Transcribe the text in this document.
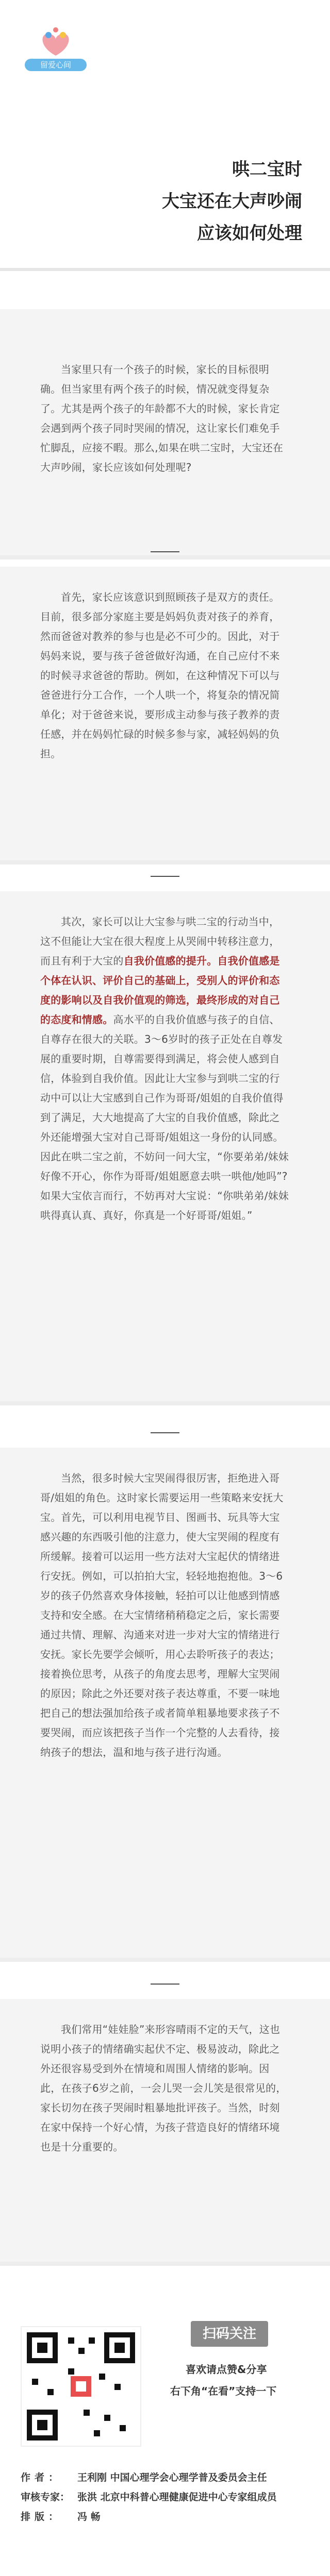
留爱心间
哄二宝时
大宝还在大声吵闹
应该如何处理

当家里只有一个孩子的时候，家长的目标很明确。但当家里有两个孩子的时候，情况就变得复杂了。尤其是两个孩子的年龄都不大的时候，家长肯定会遇到两个孩子同时哭闹的情况，这让家长们难免手忙脚乱，应接不暇。那么,如果在哄二宝时，大宝还在大声吵闹，家长应该如何处理呢?

首先，家长应该意识到照顾孩子是双方的责任。目前，很多部分家庭主要是妈妈负责对孩子的养育，然而爸爸对教养的参与也是必不可少的。因此，对于妈妈来说，要与孩子爸爸做好沟通，在自己应付不来的时候寻求爸爸的帮助。例如，在这种情况下可以与爸爸进行分工合作，一个人哄一个，将复杂的情况简单化；对于爸爸来说，要形成主动参与孩子教养的责任感，并在妈妈忙碌的时候多参与家，减轻妈妈的负担。

其次，家长可以让大宝参与哄二宝的行动当中，这不但能让大宝在很大程度上从哭闹中转移注意力，而且有利于大宝的自我价值感的提升。自我价值感是个体在认识、评价自己的基础上，受别人的评价和态度的影响以及自我价值观的筛选，最终形成的对自己的态度和情感。高水平的自我价值感与孩子的自信、自尊存在很大的关联。3～6岁时的孩子正处在自尊发展的重要时期，自尊需要得到满足，将会使人感到自信，体验到自我价值。因此让大宝参与到哄二宝的行动中可以让大宝感到自己作为哥哥/姐姐的自我价值得到了满足，大大地提高了大宝的自我价值感，除此之外还能增强大宝对自己哥哥/姐姐这一身份的认同感。因此在哄二宝之前，不妨问一问大宝，“你要弟弟/妹妹好像不开心，你作为哥哥/姐姐愿意去哄一哄他/她吗”?如果大宝依言而行，不妨再对大宝说：“你哄弟弟/妹妹哄得真认真、真好，你真是一个好哥哥/姐姐。”

当然，很多时候大宝哭闹得很厉害，拒绝进入哥哥/姐姐的角色。这时家长需要运用一些策略来安抚大宝。首先，可以利用电视节目、图画书、玩具等大宝感兴趣的东西吸引他的注意力，使大宝哭闹的程度有所缓解。接着可以运用一些方法对大宝起伏的情绪进行安抚。例如，可以拍拍大宝，轻轻地抱抱他。3～6岁的孩子仍然喜欢身体接触，轻拍可以让他感到情感支持和安全感。在大宝情绪稍稍稳定之后，家长需要通过共情、理解、沟通来对进一步对大宝的情绪进行安抚。家长先要学会倾听，用心去聆听孩子的表达；接着换位思考，从孩子的角度去思考，理解大宝哭闹的原因；除此之外还要对孩子表达尊重，不要一味地把自己的想法强加给孩子或者简单粗暴地要求孩子不要哭闹，而应该把孩子当作一个完整的人去看待，接纳孩子的想法，温和地与孩子进行沟通。

我们常用“娃娃脸”来形容晴雨不定的天气，这也说明小孩子的情绪确实起伏不定、极易波动，除此之外还很容易受到外在情境和周围人情绪的影响。因此，在孩子6岁之前，一会儿哭一会儿笑是很常见的，家长切勿在孩子哭闹时粗暴地批评孩子。当然，时刻在家中保持一个好心情，为孩子营造良好的情绪环境也是十分重要的。

扫码关注
喜欢请点赞&分享
右下角“在看”支持一下
作者：	王利刚 中国心理学会心理学普及委员会主任
审核专家： 张洪 北京中科普心理健康促进中心专家组成员
排版：	冯 畅
